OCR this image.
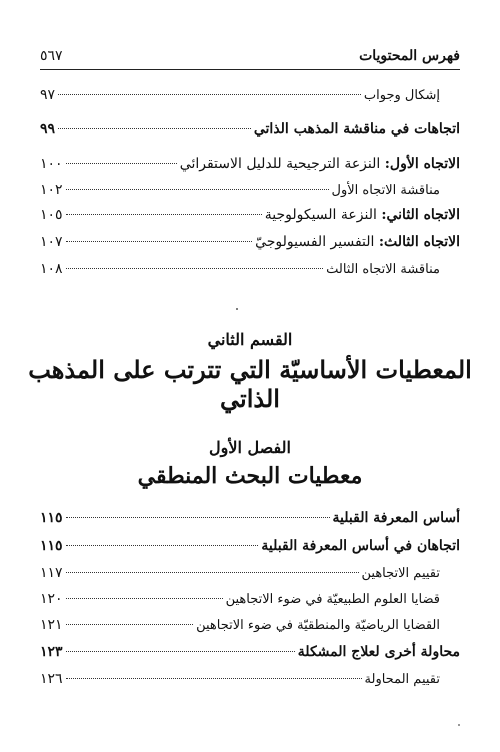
فهرس المحتويات
٥٦٧
إشكال وجواب
٩٧
اتجاهات في مناقشة المذهب الذاتي
٩٩
الاتجاه الأول: النزعة الترجيحية للدليل الاستقرائي
١٠٠
مناقشة الاتجاه الأول
١٠٢
الاتجاه الثاني: النزعة السيكولوجية
١٠٥
الاتجاه الثالث: التفسير الفسيولوجيّ
١٠٧
مناقشة الاتجاه الثالث
١٠٨
القسم الثاني
المعطيات الأساسيّة التي تترتب على المذهب الذاتي
الفصل الأول
معطيات البحث المنطقي
أساس المعرفة القبلية
١١٥
اتجاهان في أساس المعرفة القبلية
١١٥
تقييم الاتجاهين
١١٧
قضايا العلوم الطبيعيّة في ضوء الاتجاهين
١٢٠
القضايا الرياضيّة والمنطقيّة في ضوء الاتجاهين
١٢١
محاولة أخرى لعلاج المشكلة
١٢٣
تقييم المحاولة
١٢٦
